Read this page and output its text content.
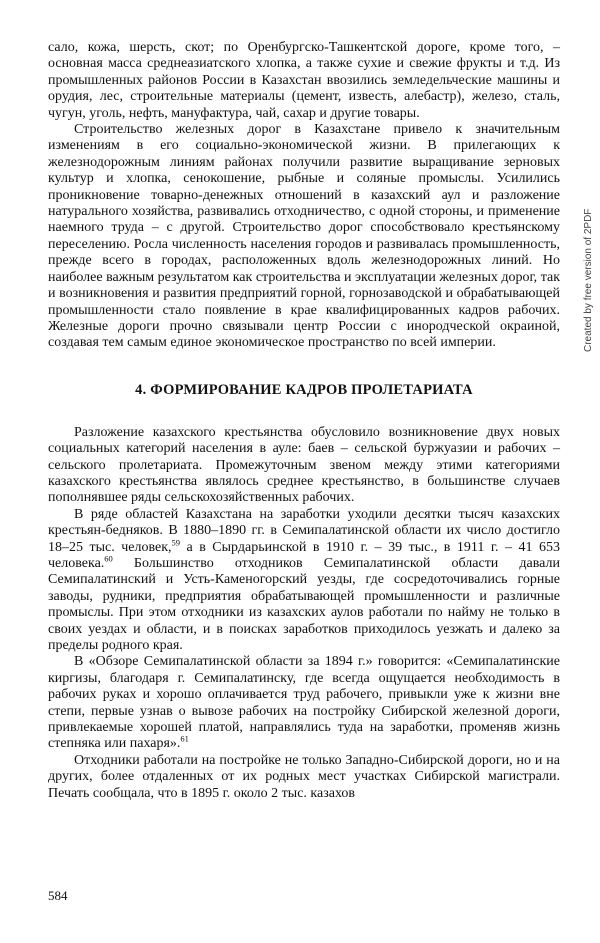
сало, кожа, шерсть, скот; по Оренбургско-Ташкентской дороге, кроме того, – основная масса среднеазиатского хлопка, а также сухие и свежие фрукты и т.д. Из промышленных районов России в Казахстан ввозились земледельческие машины и орудия, лес, строительные материалы (цемент, известь, алебастр), железо, сталь, чугун, уголь, нефть, мануфактура, чай, сахар и другие товары.

Строительство железных дорог в Казахстане привело к значительным изменениям в его социально-экономической жизни. В прилегающих к железнодорожным линиям районах получили развитие выращивание зерновых культур и хлопка, сенокошение, рыбные и соляные промыслы. Усилились проникновение товарно-денежных отношений в казахский аул и разложение натурального хозяйства, развивались отходничество, с одной стороны, и применение наемного труда – с другой. Строительство дорог способствовало крестьянскому переселению. Росла численность населения городов и развивалась промышленность, прежде всего в городах, расположенных вдоль железнодорожных линий. Но наиболее важным результатом как строительства и эксплуатации железных дорог, так и возникновения и развития предприятий горной, горнозаводской и обрабатывающей промышленности стало появление в крае квалифицированных кадров рабочих. Железные дороги прочно связывали центр России с инородческой окраиной, создавая тем самым единое экономическое пространство по всей империи.

4. ФОРМИРОВАНИЕ КАДРОВ ПРОЛЕТАРИАТА

Разложение казахского крестьянства обусловило возникновение двух новых социальных категорий населения в ауле: баев – сельской буржуазии и рабочих – сельского пролетариата. Промежуточным звеном между этими категориями казахского крестьянства являлось среднее крестьянство, в большинстве случаев пополнявшее ряды сельскохозяйственных рабочих.

В ряде областей Казахстана на заработки уходили десятки тысяч казахских крестьян-бедняков. В 1880–1890 гг. в Семипалатинской области их число достигло 18–25 тыс. человек,$^{59}$ а в Сырдарьинской в 1910 г. – 39 тыс., в 1911 г. – 41 653 человека.$^{60}$ Большинство отходников Семипалатинской области давали Семипалатинский и Усть-Каменогорский уезды, где сосредоточивались горные заводы, рудники, предприятия обрабатывающей промышленности и различные промыслы. При этом отходники из казахских аулов работали по найму не только в своих уездах и области, и в поисках заработков приходилось уезжать и далеко за пределы родного края.

В «Обзоре Семипалатинской области за 1894 г.» говорится: «Семипалатинские киргизы, благодаря г. Семипалатинску, где всегда ощущается необходимость в рабочих руках и хорошо оплачивается труд рабочего, привыкли уже к жизни вне степи, первые узнав о вывозе рабочих на постройку Сибирской железной дороги, привлекаемые хорошей платой, направлялись туда на заработки, променяв жизнь степняка или пахаря».$^{61}$

Отходники работали на постройке не только Западно-Сибирской дороги, но и на других, более отдаленных от их родных мест участках Сибирской магистрали. Печать сообщала, что в 1895 г. около 2 тыс. казахов

Created by free version of 2PDF
584
